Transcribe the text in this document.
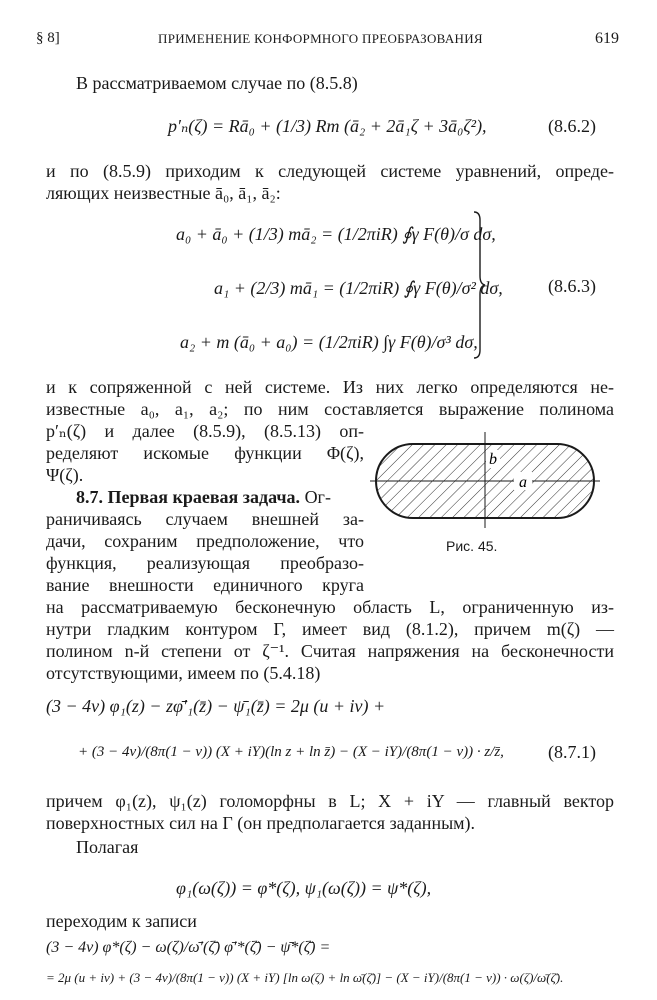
§ 8]	ПРИМЕНЕНИЕ КОНФОРМНОГО ПРЕОБРАЗОВАНИЯ	619
В рассматриваемом случае по (8.5.8)
p′ₙ(ζ) = Rā₀ + (1/3) Rm (ā₂ + 2ā₁ζ + 3ā₀ζ²),	(8.6.2)
и по (8.5.9) приходим к следующей системе уравнений, опреде-
ляющих неизвестные ā₀, ā₁, ā₂:
a₀ + ā₀ + (1/3) mā₂ = (1/2πiR) ∮γ F(θ)/σ dσ,
a₁ + (2/3) mā₁ = (1/2πiR) ∮γ F(θ)/σ² dσ,
a₂ + m (ā₀ + a₀) = (1/2πiR) ∫γ F(θ)/σ³ dσ,
(8.6.3)
и к сопряженной с ней системе. Из них легко определяются не-
известные a₀, a₁, a₂; по ним составляется выражение полинома
p′ₙ(ζ) и далее (8.5.9), (8.5.13) оп-
ределяют искомые функции Φ(ζ),
Ψ(ζ).
8.7. Первая краевая задача. Ог-
раничиваясь случаем внешней за-
дачи, сохраним предположение, что
функция, реализующая преобразо-
вание внешности единичного круга
a
b
Рис. 45.
на рассматриваемую бесконечную область L, ограниченную из-
нутри гладким контуром Γ, имеет вид (8.1.2), причем m(ζ) —
полином n-й степени от ζ⁻¹. Считая напряжения на бесконечности
отсутствующими, имеем по (5.4.18)
(3 − 4ν) φ₁(z) − zφ̄′₁(z̄) − ψ̄₁(z̄) = 2μ (u + iv) +
+ (3 − 4ν)/(8π(1 − ν)) (X + iY)(ln z + ln z̄) − (X − iY)/(8π(1 − ν)) · z/z̄, (8.7.1)
причем φ₁(z), ψ₁(z) голоморфны в L; X + iY — главный вектор
поверхностных сил на Γ (он предполагается заданным).
Полагая
φ₁(ω(ζ)) = φ*(ζ), ψ₁(ω(ζ)) = ψ*(ζ),
переходим к записи
(3 − 4ν) φ*(ζ) − ω(ζ)/ω̄′(ζ̄) φ̄′*(ζ̄) − ψ̄*(ζ̄) =
= 2μ (u + iv) + (3 − 4ν)/(8π(1 − ν)) (X + iY) [ln ω(ζ) + ln ω̄(ζ̄)] − (X − iY)/(8π(1 − ν)) · ω(ζ)/ω̄(ζ̄).
